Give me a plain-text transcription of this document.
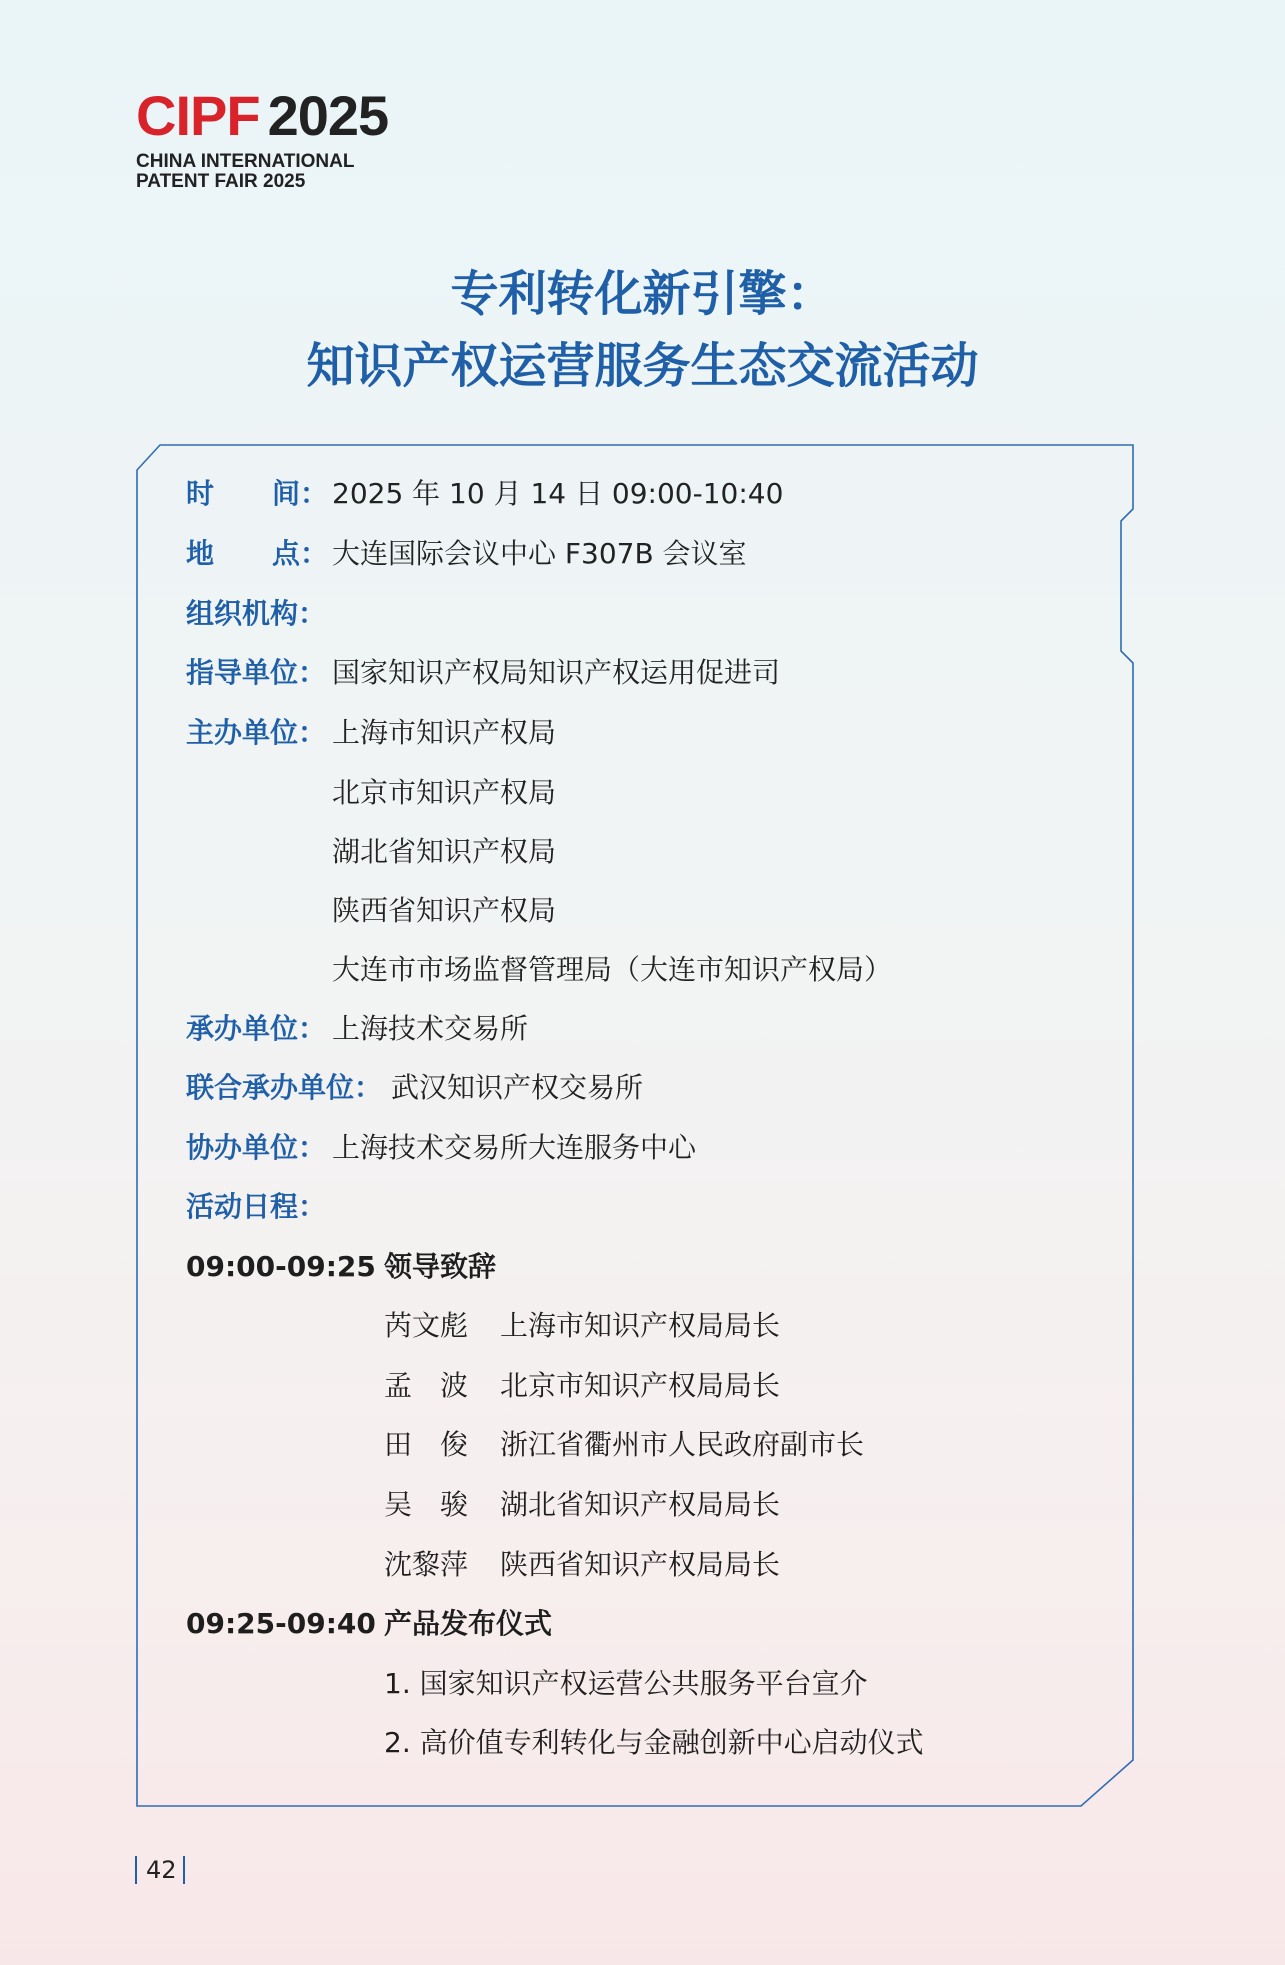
CIPF 2025
CHINA INTERNATIONAL
PATENT FAIR 2025
专利转化新引擎：
知识产权运营服务生态交流活动
时 间： 2025 年 10 月 14 日 09:00-10:40
地 点： 大连国际会议中心 F307B 会议室
组织机构：
指导单位： 国家知识产权局知识产权运用促进司
主办单位： 上海市知识产权局
北京市知识产权局
湖北省知识产权局
陕西省知识产权局
大连市市场监督管理局（大连市知识产权局）
承办单位： 上海技术交易所
联合承办单位： 武汉知识产权交易所
协办单位： 上海技术交易所大连服务中心
活动日程：
09:00-09:25 领导致辞
芮文彪 上海市知识产权局局长
孟　波 北京市知识产权局局长
田　俊 浙江省衢州市人民政府副市长
吴　骏 湖北省知识产权局局长
沈黎萍 陕西省知识产权局局长
09:25-09:40 产品发布仪式
1. 国家知识产权运营公共服务平台宣介
2. 高价值专利转化与金融创新中心启动仪式
42
